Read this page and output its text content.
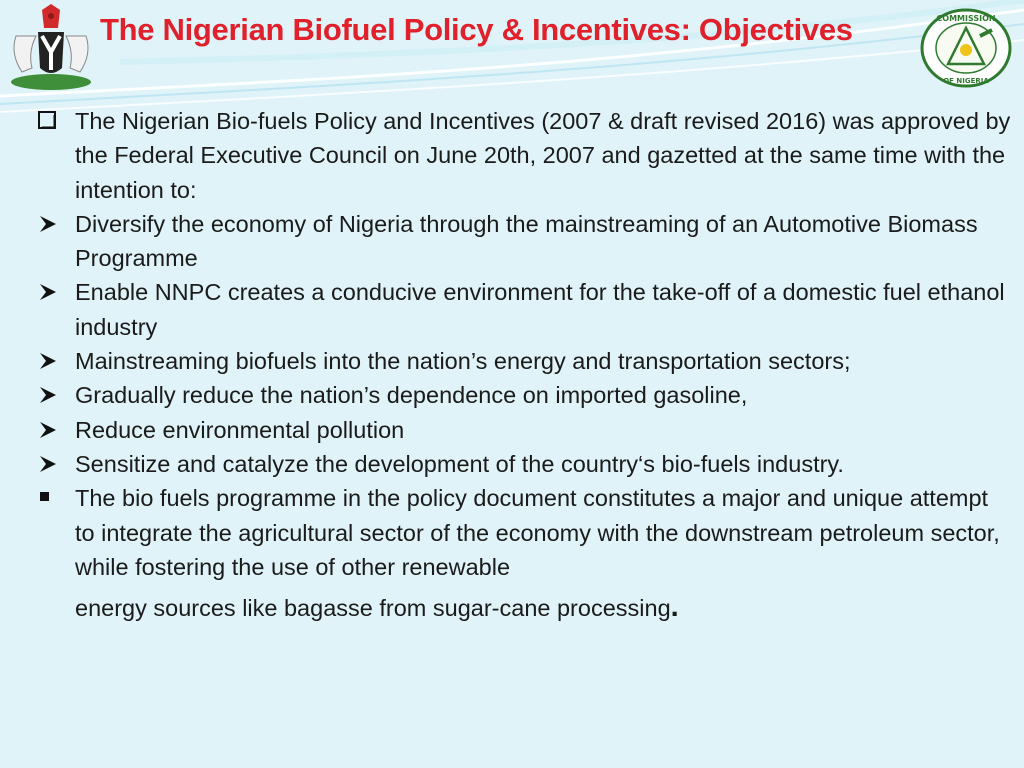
The Nigerian Biofuel Policy & Incentives: Objectives	COMMISSION
OF NIGERIA
The Nigerian Bio-fuels Policy and Incentives (2007 & draft revised 2016) was approved by the Federal Executive Council on June 20th, 2007 and gazetted at the same time with the intention to:
Diversify the economy of Nigeria through the mainstreaming of an Automotive Biomass Programme
Enable NNPC creates a conducive environment for the take-off of a domestic fuel ethanol industry
Mainstreaming biofuels into the nation’s energy and transportation sectors;
Gradually reduce the nation’s dependence on imported gasoline,
Reduce environmental pollution
Sensitize and catalyze the development of the country‘s bio-fuels industry.
The bio fuels programme in the policy document constitutes a major and unique attempt to integrate the agricultural sector of the economy with the downstream petroleum sector, while fostering the use of other renewable
energy sources like bagasse from sugar-cane processing.
